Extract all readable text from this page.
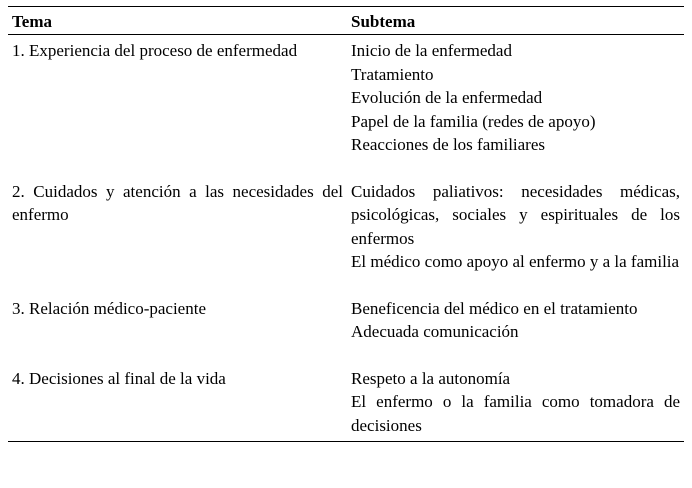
Tema	Subtema
1. Experiencia del proceso de enfermedad	Inicio de la enfermedad
Tratamiento
Evolución de la enfermedad
Papel de la familia (redes de apoyo)
Reacciones de los familiares

2. Cuidados y atención a las necesidades del enfermo	Cuidados paliativos: necesidades médicas, psicológicas, sociales y espirituales de los enfermos
El médico como apoyo al enfermo y a la familia

3. Relación médico-paciente	Beneficencia del médico en el tratamiento
Adecuada comunicación

4. Decisiones al final de la vida	Respeto a la autonomía
El enfermo o la familia como tomadora de decisiones
